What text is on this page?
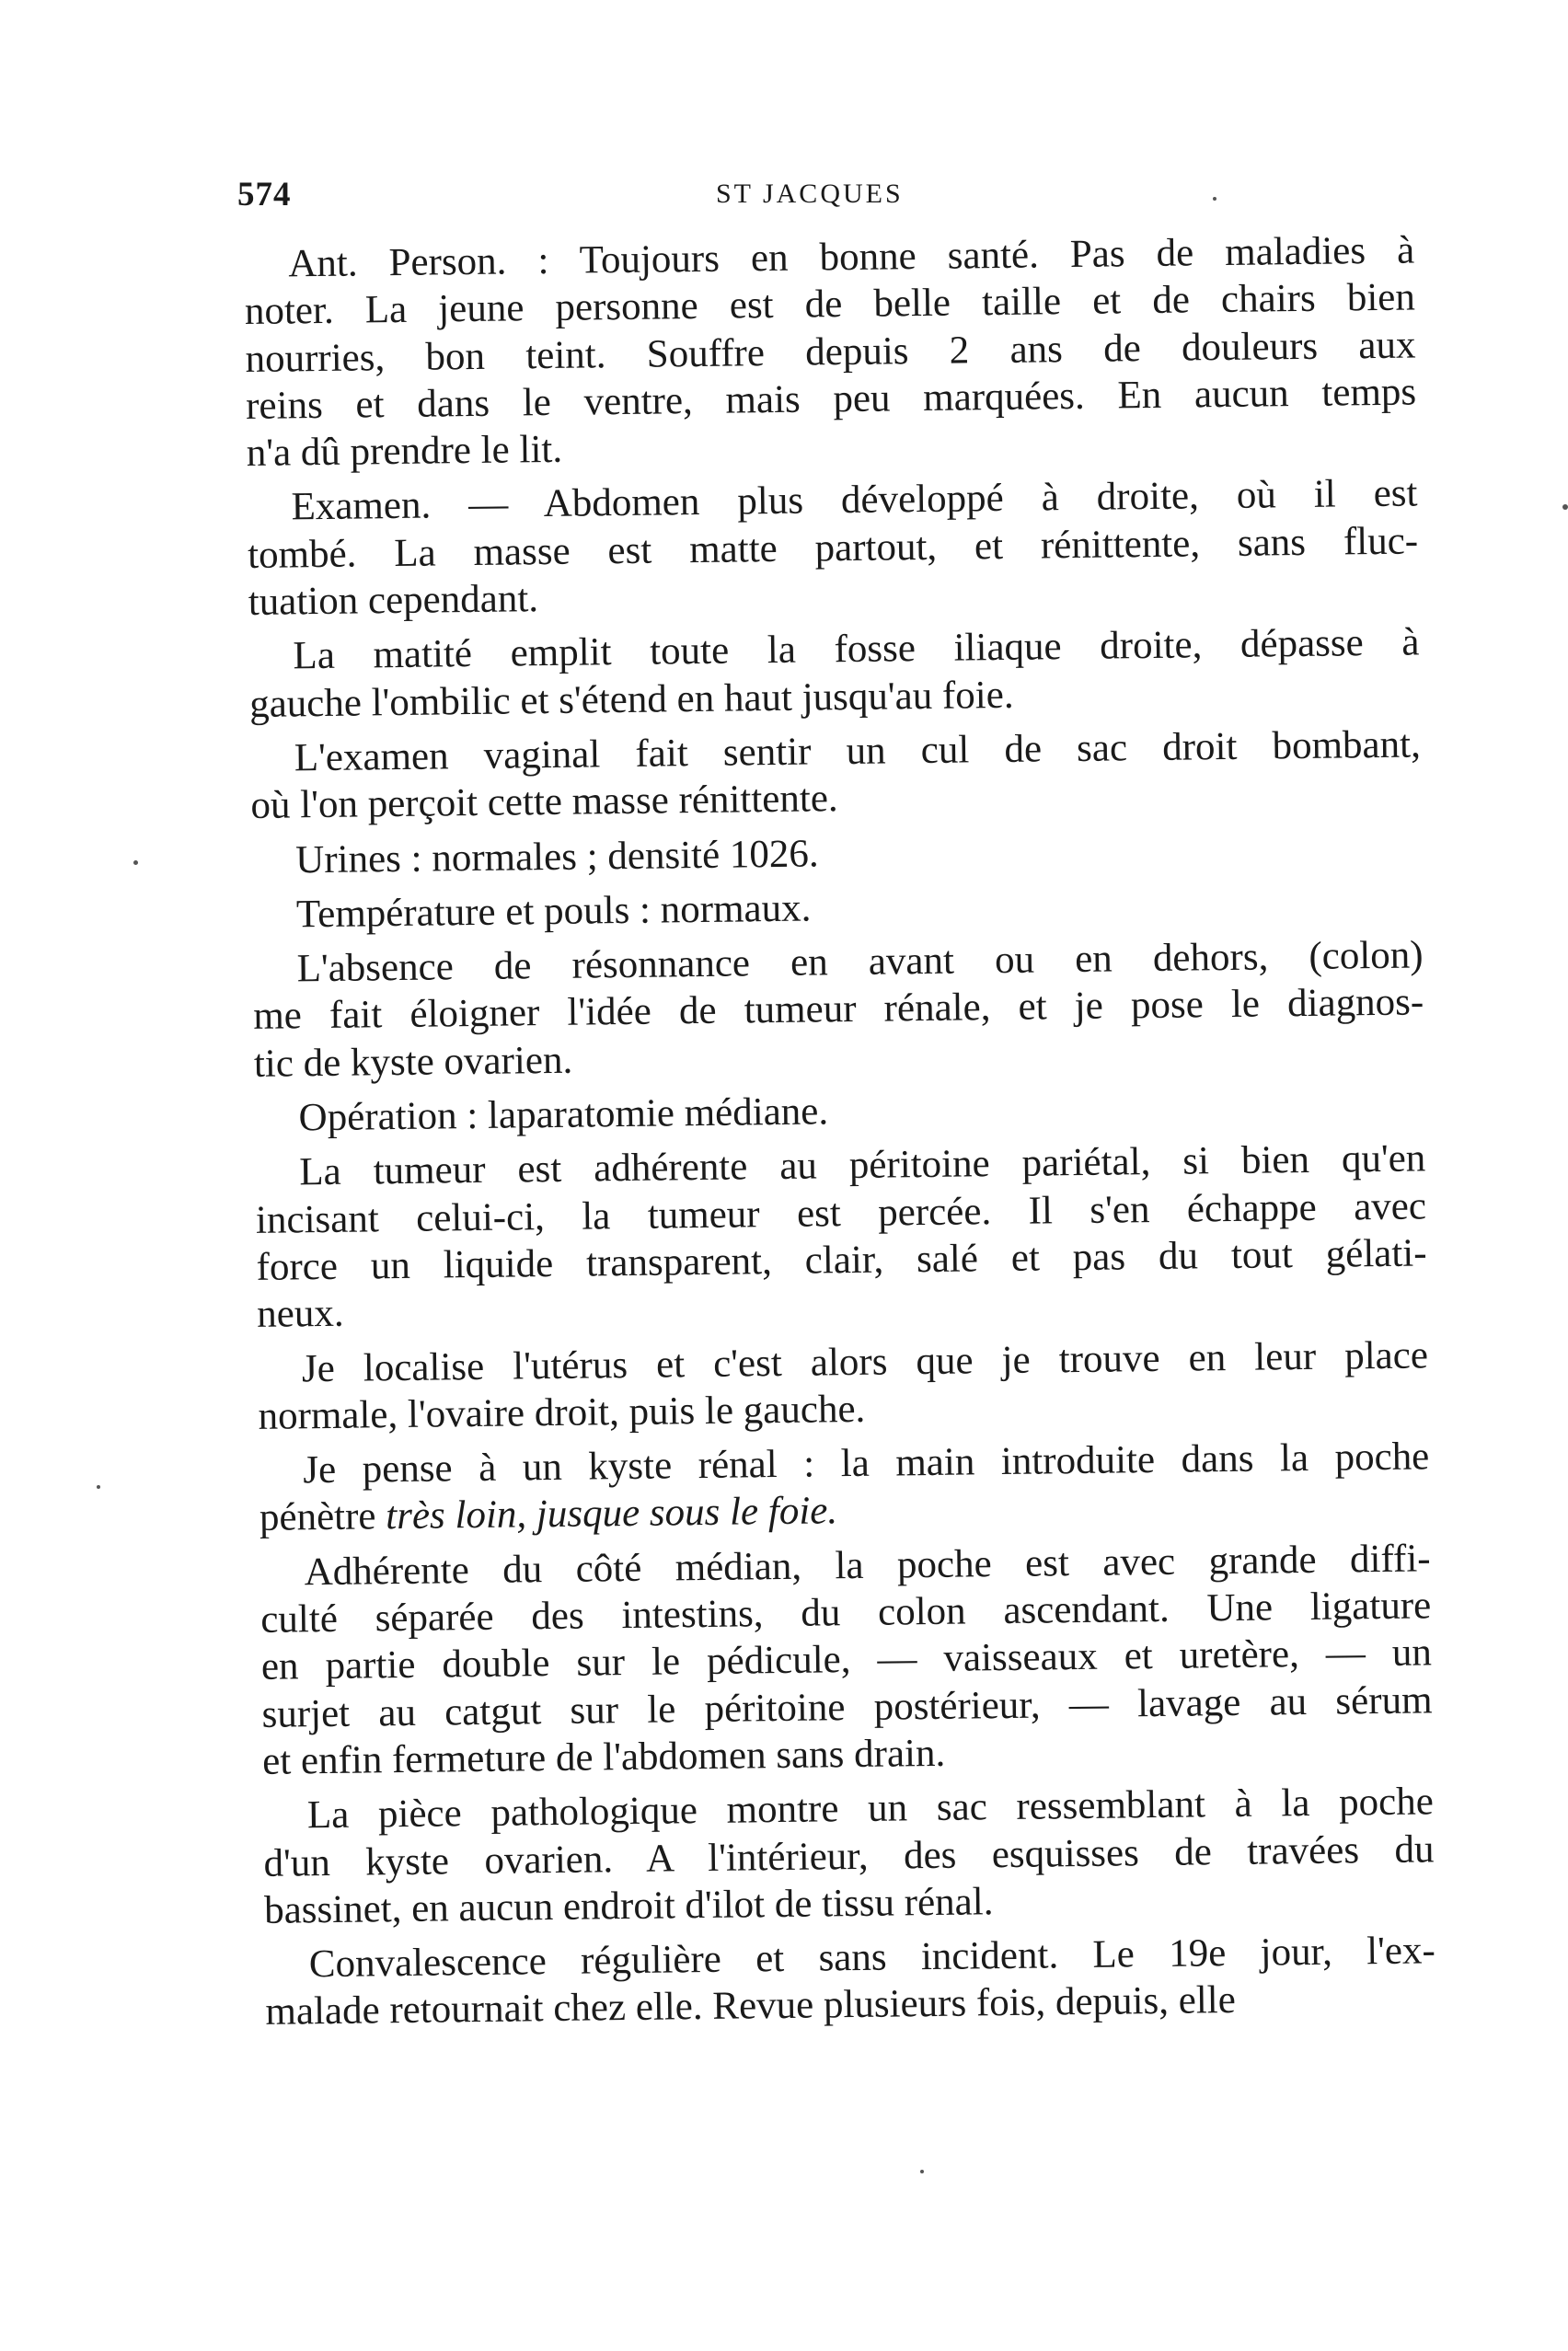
574	ST JACQUES

Ant. Person. : Toujours en bonne santé. Pas de maladies à
noter. La jeune personne est de belle taille et de chairs bien
nourries, bon teint. Souffre depuis 2 ans de douleurs aux
reins et dans le ventre, mais peu marquées. En aucun temps
n'a dû prendre le lit.

Examen. — Abdomen plus développé à droite, où il est
tombé. La masse est matte partout, et rénittente, sans fluc-
tuation cependant.

La matité emplit toute la fosse iliaque droite, dépasse à
gauche l'ombilic et s'étend en haut jusqu'au foie.

L'examen vaginal fait sentir un cul de sac droit bombant,
où l'on perçoit cette masse rénittente.

Urines : normales ; densité 1026.

Température et pouls : normaux.

L'absence de résonnance en avant ou en dehors, (colon)
me fait éloigner l'idée de tumeur rénale, et je pose le diagnos-
tic de kyste ovarien.

Opération : laparatomie médiane.

La tumeur est adhérente au péritoine pariétal, si bien qu'en
incisant celui-ci, la tumeur est percée. Il s'en échappe avec
force un liquide transparent, clair, salé et pas du tout gélati-
neux.

Je localise l'utérus et c'est alors que je trouve en leur place
normale, l'ovaire droit, puis le gauche.

Je pense à un kyste rénal : la main introduite dans la poche
pénètre très loin, jusque sous le foie.

Adhérente du côté médian, la poche est avec grande diffi-
culté séparée des intestins, du colon ascendant. Une ligature
en partie double sur le pédicule, — vaisseaux et uretère, — un
surjet au catgut sur le péritoine postérieur, — lavage au sérum
et enfin fermeture de l'abdomen sans drain.

La pièce pathologique montre un sac ressemblant à la poche
d'un kyste ovarien. A l'intérieur, des esquisses de travées du
bassinet, en aucun endroit d'ilot de tissu rénal.

Convalescence régulière et sans incident. Le 19e jour, l'ex-
malade retournait chez elle. Revue plusieurs fois, depuis, elle
